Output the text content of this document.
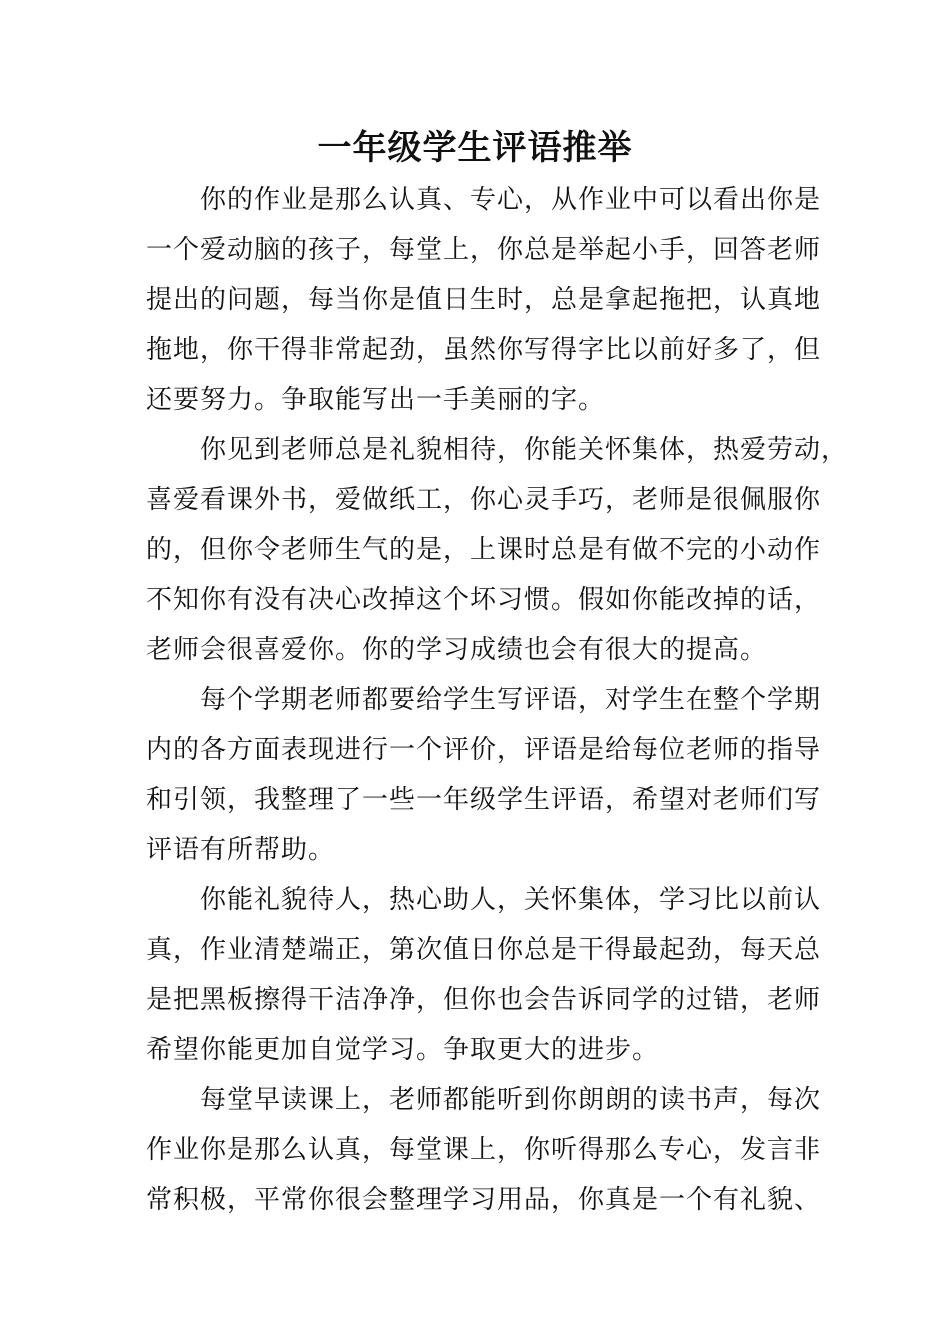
一年级学生评语推举
你的作业是那么认真、专心，从作业中可以看出你是
一个爱动脑的孩子，每堂上，你总是举起小手，回答老师
提出的问题，每当你是值日生时，总是拿起拖把，认真地
拖地，你干得非常起劲，虽然你写得字比以前好多了，但
还要努力。争取能写出一手美丽的字。
你见到老师总是礼貌相待，你能关怀集体，热爱劳动，
喜爱看课外书，爱做纸工，你心灵手巧，老师是很佩服你
的，但你令老师生气的是，上课时总是有做不完的小动作
不知你有没有决心改掉这个坏习惯。假如你能改掉的话，
老师会很喜爱你。你的学习成绩也会有很大的提高。
每个学期老师都要给学生写评语，对学生在整个学期
内的各方面表现进行一个评价，评语是给每位老师的指导
和引领，我整理了一些一年级学生评语，希望对老师们写
评语有所帮助。
你能礼貌待人，热心助人，关怀集体，学习比以前认
真，作业清楚端正，第次值日你总是干得最起劲，每天总
是把黑板擦得干洁净净，但你也会告诉同学的过错，老师
希望你能更加自觉学习。争取更大的进步。
每堂早读课上，老师都能听到你朗朗的读书声，每次
作业你是那么认真，每堂课上，你听得那么专心，发言非
常积极，平常你很会整理学习用品，你真是一个有礼貌、
